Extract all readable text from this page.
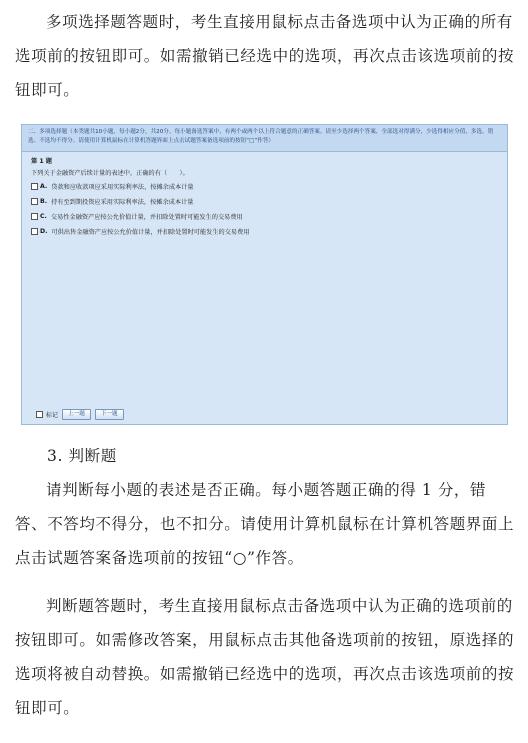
多项选择题答题时，考生直接用鼠标点击备选项中认为正确的所有选项前的按钮即可。如需撤销已经选中的选项，再次点击该选项前的按钮即可。

二、多项选择题（本类题共10小题，每小题2分，共20分。每小题备选答案中，有两个或两个以上符合题意的正确答案。请至少选择两个答案，全部选对得满分，少选得相应分值，多选、错选、不选均不得分。请使用计算机鼠标在计算机答题界面上点击试题答案备选项前的按钮“□”作答）
第 1 题
下列关于金融资产后续计量的表述中，正确的有（　　）。
A. 贷款和应收款项应采用实际利率法，按摊余成本计量
B. 持有至到期投资应采用实际利率法，按摊余成本计量
C. 交易性金融资产应按公允价值计量，并扣除处置时可能发生的交易费用
D. 可供出售金融资产应按公允价值计量，并扣除处置时可能发生的交易费用
标记	上一题	下一题
3. 判断题

请判断每小题的表述是否正确。每小题答题正确的得 1 分，错答、不答均不得分，也不扣分。请使用计算机鼠标在计算机答题界面上点击试题答案备选项前的按钮“○”作答。

判断题答题时，考生直接用鼠标点击备选项中认为正确的选项前的按钮即可。如需修改答案，用鼠标点击其他备选项前的按钮，原选择的选项将被自动替换。如需撤销已经选中的选项，再次点击该选项前的按钮即可。
